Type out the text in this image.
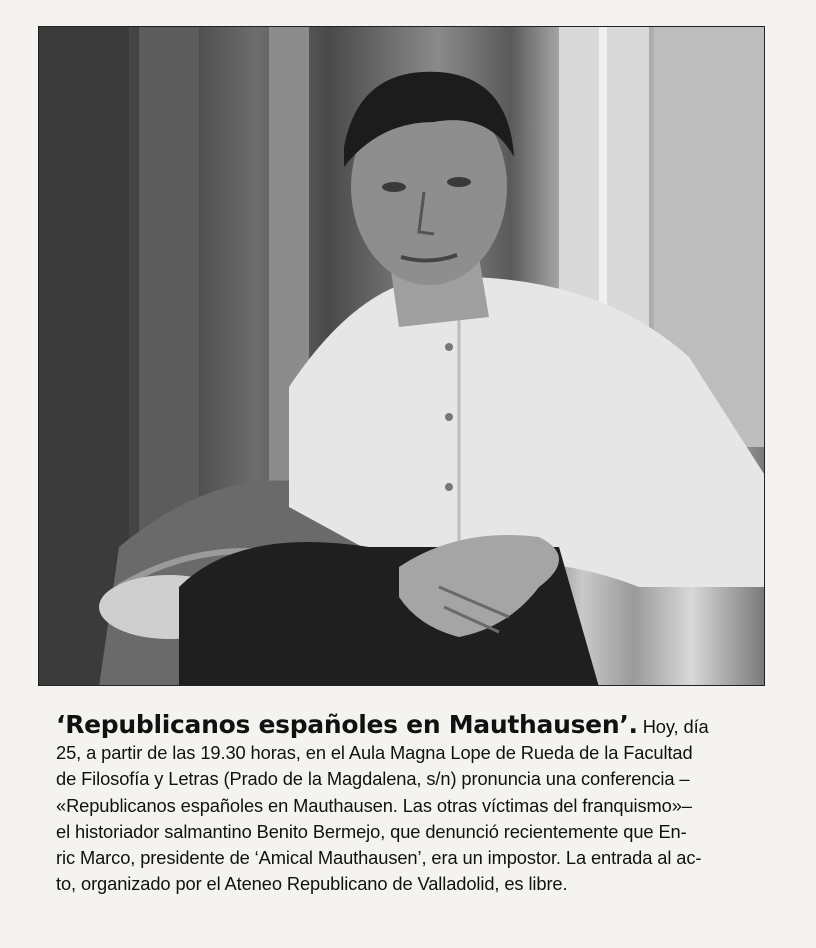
‘Republicanos españoles en Mauthausen’. Hoy, día
25, a partir de las 19.30 horas, en el Aula Magna Lope de Rueda de la Facultad
de Filosofía y Letras (Prado de la Magdalena, s/n) pronuncia una conferencia –
«Republicanos españoles en Mauthausen. Las otras víctimas del franquismo»–
el historiador salmantino Benito Bermejo, que denunció recientemente que En-
ric Marco, presidente de ‘Amical Mauthausen’, era un impostor. La entrada al ac-
to, organizado por el Ateneo Republicano de Valladolid, es libre.
